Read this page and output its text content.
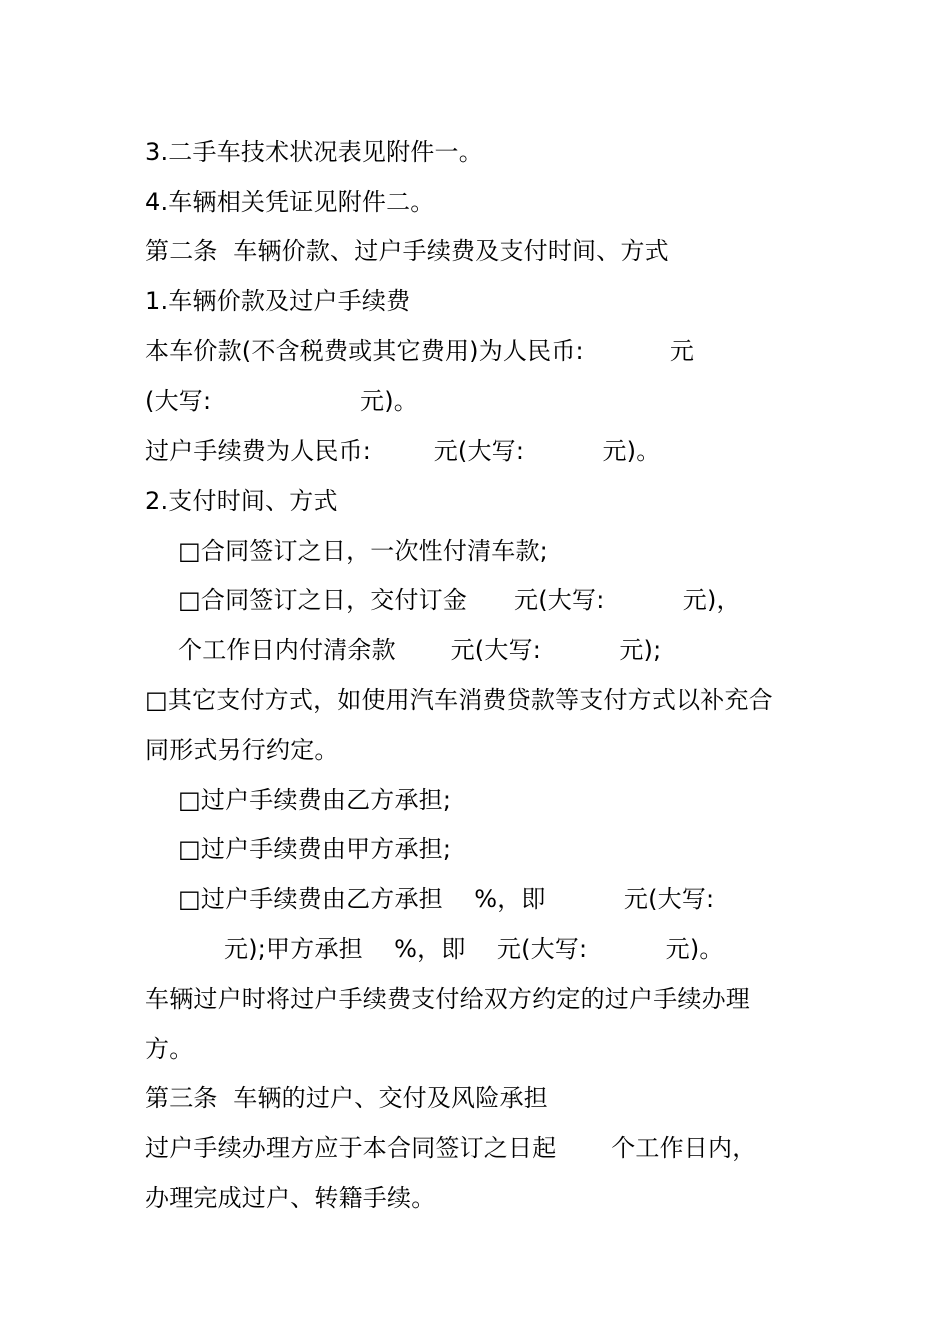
3.二手车技术状况表见附件一。
4.车辆相关凭证见附件二。
第二条  车辆价款、过户手续费及支付时间、方式
1.车辆价款及过户手续费
本车价款(不含税费或其它费用)为人民币:           元
(大写:                   元)。
过户手续费为人民币:        元(大写:          元)。
2.支付时间、方式
□合同签订之日，一次性付清车款;
□合同签订之日，交付订金      元(大写:          元)，
个工作日内付清余款       元(大写:          元);
□其它支付方式，如使用汽车消费贷款等支付方式以补充合
同形式另行约定。
□过户手续费由乙方承担;
□过户手续费由甲方承担;
□过户手续费由乙方承担    %，即          元(大写:
元);甲方承担    %，即    元(大写:          元)。
车辆过户时将过户手续费支付给双方约定的过户手续办理
方。
第三条  车辆的过户、交付及风险承担
过户手续办理方应于本合同签订之日起       个工作日内，
办理完成过户、转籍手续。
